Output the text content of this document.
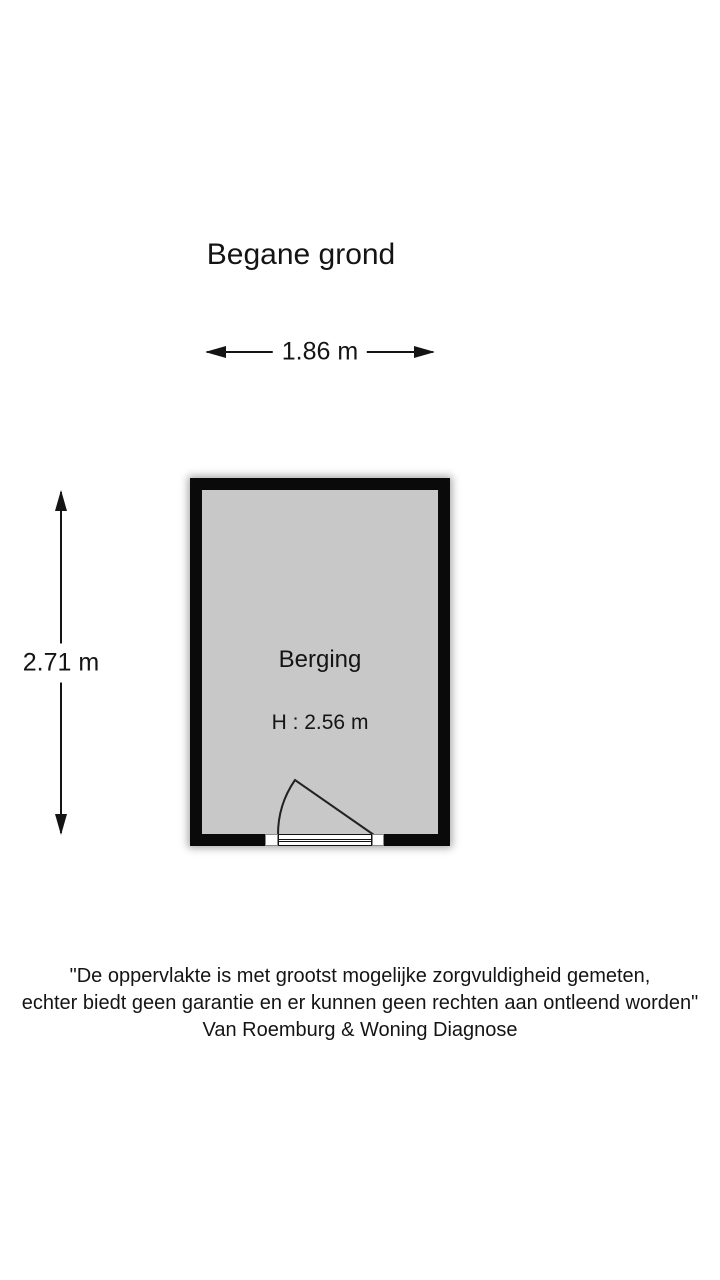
Begane grond
1.86 m
2.71 m	Berging
H : 2.56 m
"De oppervlakte is met grootst mogelijke zorgvuldigheid gemeten,
echter biedt geen garantie en er kunnen geen rechten aan ontleend worden"
Van Roemburg & Woning Diagnose
